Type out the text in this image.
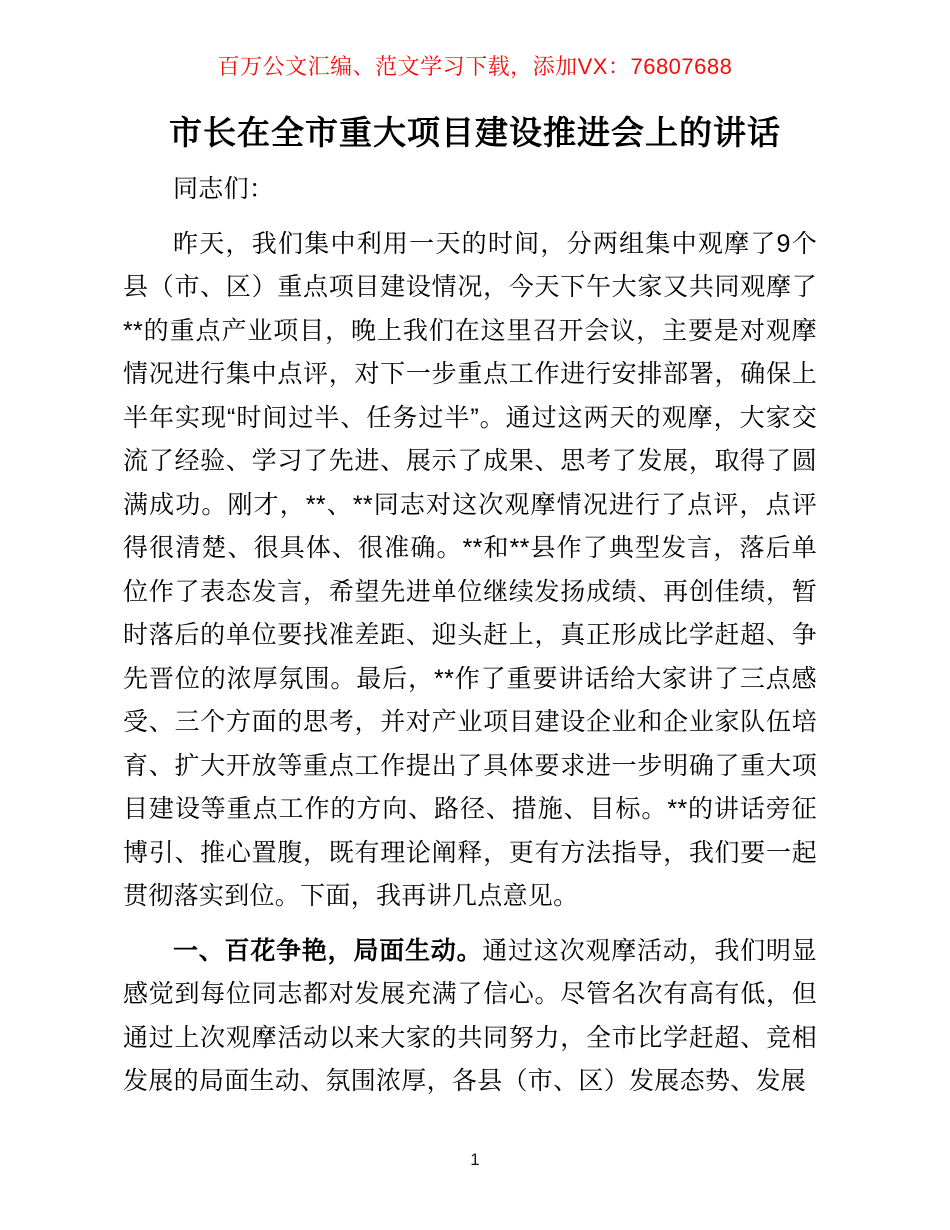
百万公文汇编、范文学习下载，添加VX：76807688
市长在全市重大项目建设推进会上的讲话

同志们：

昨天，我们集中利用一天的时间，分两组集中观摩了9个县（市、区）重点项目建设情况，今天下午大家又共同观摩了**的重点产业项目，晚上我们在这里召开会议，主要是对观摩情况进行集中点评，对下一步重点工作进行安排部署，确保上半年实现“时间过半、任务过半”。通过这两天的观摩，大家交流了经验、学习了先进、展示了成果、思考了发展，取得了圆满成功。刚才，**、**同志对这次观摩情况进行了点评，点评得很清楚、很具体、很准确。**和**县作了典型发言，落后单位作了表态发言，希望先进单位继续发扬成绩、再创佳绩，暂时落后的单位要找准差距、迎头赶上，真正形成比学赶超、争先晋位的浓厚氛围。最后，**作了重要讲话给大家讲了三点感受、三个方面的思考，并对产业项目建设企业和企业家队伍培育、扩大开放等重点工作提出了具体要求进一步明确了重大项目建设等重点工作的方向、路径、措施、目标。**的讲话旁征博引、推心置腹，既有理论阐释，更有方法指导，我们要一起贯彻落实到位。下面，我再讲几点意见。

一、百花争艳，局面生动。通过这次观摩活动，我们明显感觉到每位同志都对发展充满了信心。尽管名次有高有低，但通过上次观摩活动以来大家的共同努力，全市比学赶超、竞相发展的局面生动、氛围浓厚，各县（市、区）发展态势、发展

1
